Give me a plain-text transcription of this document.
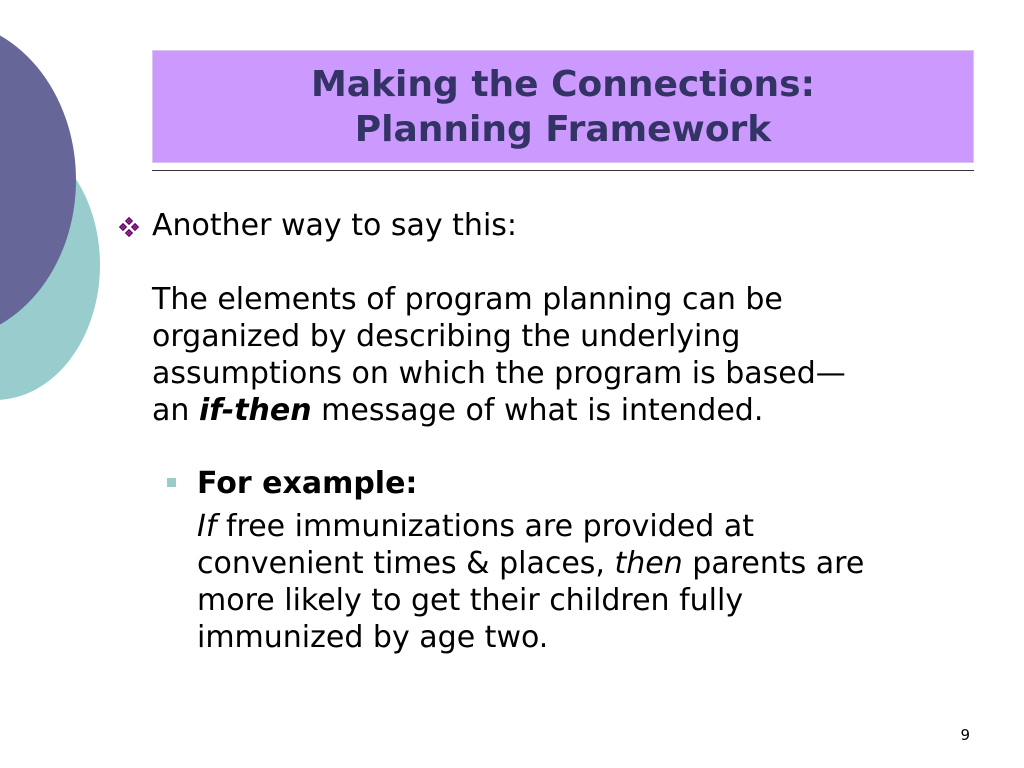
Making the Connections:
Planning Framework

Another way to say this:

The elements of program planning can be

organized by describing the underlying

assumptions on which the program is based—

an if-then message of what is intended.

For example:
If free immunizations are provided at
convenient times & places, then parents are
more likely to get their children fully
immunized by age two.
9
